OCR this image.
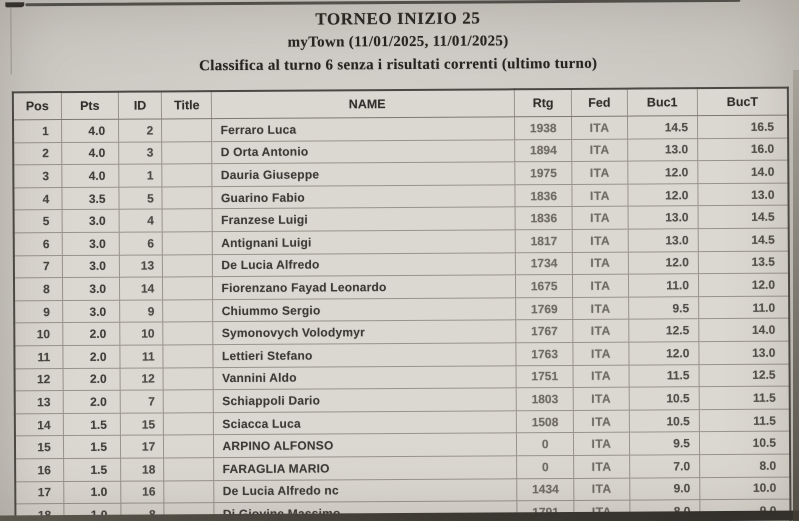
TORNEO INIZIO 25
myTown (11/01/2025, 11/01/2025)
Classifica al turno 6 senza i risultati correnti (ultimo turno)
Pos	Pts	ID	Title	NAME	Rtg	Fed	Buc1	BucT
1	4.0	2		Ferraro Luca	1938	ITA	14.5	16.5
2	4.0	3		D Orta Antonio	1894	ITA	13.0	16.0
3	4.0	1		Dauria Giuseppe	1975	ITA	12.0	14.0
4	3.5	5		Guarino Fabio	1836	ITA	12.0	13.0
5	3.0	4		Franzese Luigi	1836	ITA	13.0	14.5
6	3.0	6		Antignani Luigi	1817	ITA	13.0	14.5
7	3.0	13		De Lucia Alfredo	1734	ITA	12.0	13.5
8	3.0	14		Fiorenzano Fayad Leonardo	1675	ITA	11.0	12.0
9	3.0	9		Chiummo Sergio	1769	ITA	9.5	11.0
10	2.0	10		Symonovych Volodymyr	1767	ITA	12.5	14.0
11	2.0	11		Lettieri Stefano	1763	ITA	12.0	13.0
12	2.0	12		Vannini Aldo	1751	ITA	11.5	12.5
13	2.0	7		Schiappoli Dario	1803	ITA	10.5	11.5
14	1.5	15		Sciacca Luca	1508	ITA	10.5	11.5
15	1.5	17		ARPINO ALFONSO	0	ITA	9.5	10.5
16	1.5	18		FARAGLIA MARIO	0	ITA	7.0	8.0
17	1.0	16		De Lucia Alfredo nc	1434	ITA	9.0	10.0
